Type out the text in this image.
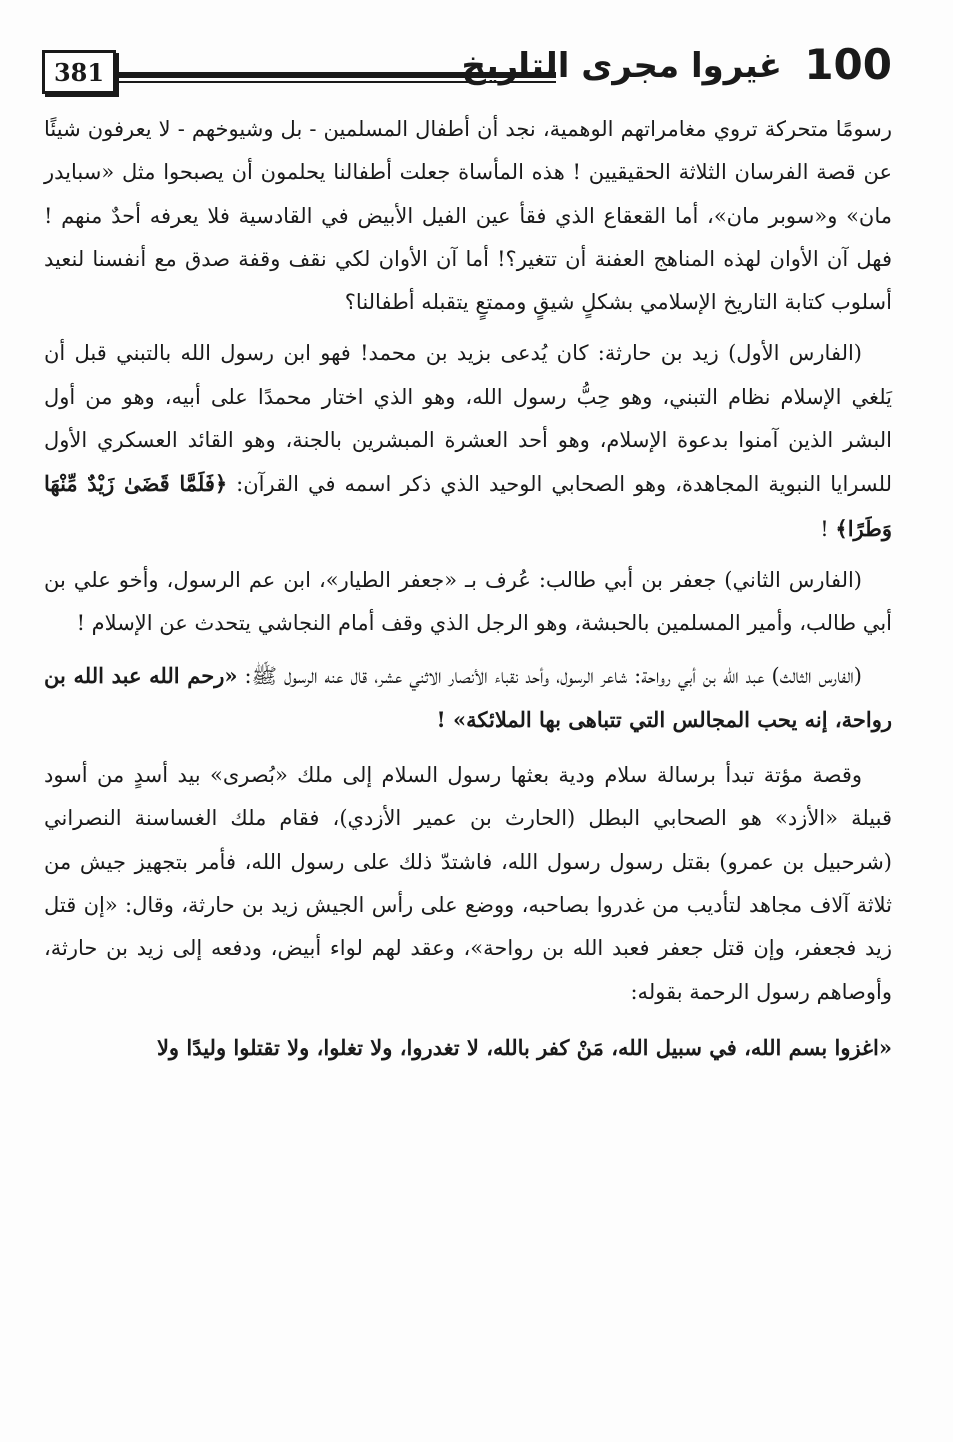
381	غيروا مجرى التاريخ 100

رسومًا متحركة تروي مغامراتهم الوهمية، نجد أن أطفال المسلمين - بل وشيوخهم - لا يعرفون شيئًا عن قصة الفرسان الثلاثة الحقيقيين ! هذه المأساة جعلت أطفالنا يحلمون أن يصبحوا مثل «سبايدر مان» و«سوبر مان»، أما القعقاع الذي فقأ عين الفيل الأبيض في القادسية فلا يعرفه أحدٌ منهم ! فهل آن الأوان لهذه المناهج العفنة أن تتغير؟! أما آن الأوان لكي نقف وقفة صدق مع أنفسنا لنعيد أسلوب كتابة التاريخ الإسلامي بشكلٍ شيقٍ وممتعٍ يتقبله أطفالنا؟

(الفارس الأول) زيد بن حارثة: كان يُدعى بزيد بن محمد! فهو ابن رسول الله بالتبني قبل أن يَلغي الإسلام نظام التبني، وهو حِبُّ رسول الله، وهو الذي اختار محمدًا على أبيه، وهو من أول البشر الذين آمنوا بدعوة الإسلام، وهو أحد العشرة المبشرين بالجنة، وهو القائد العسكري الأول للسرايا النبوية المجاهدة، وهو الصحابي الوحيد الذي ذكر اسمه في القرآن: ﴿فَلَمَّا قَضَىٰ زَيْدٌ مِّنْهَا وَطَرًا﴾ !

(الفارس الثاني) جعفر بن أبي طالب: عُرف بـ «جعفر الطيار»، ابن عم الرسول، وأخو علي بن أبي طالب، وأمير المسلمين بالحبشة، وهو الرجل الذي وقف أمام النجاشي يتحدث عن الإسلام !

(الفارس الثالث) عبد الله بن أبي رواحة: شاعر الرسول، وأحد نقباء الأنصار الاثني عشر، قال عنه الرسول ﷺ: «رحم الله عبد الله بن رواحة، إنه يحب المجالس التي تتباهى بها الملائكة» !

وقصة مؤتة تبدأ برسالة سلام ودية بعثها رسول السلام إلى ملك «بُصرى» بيد أسدٍ من أسود قبيلة «الأزد» هو الصحابي البطل (الحارث بن عمير الأزدي)، فقام ملك الغساسنة النصراني (شرحبيل بن عمرو) بقتل رسول رسول الله، فاشتدّ ذلك على رسول الله، فأمر بتجهيز جيش من ثلاثة آلاف مجاهد لتأديب من غدروا بصاحبه، ووضع على رأس الجيش زيد بن حارثة، وقال: «إن قتل زيد فجعفر، وإن قتل جعفر فعبد الله بن رواحة»، وعقد لهم لواء أبيض، ودفعه إلى زيد بن حارثة، وأوصاهم رسول الرحمة بقوله:

«اغزوا بسم الله، في سبيل الله، مَنْ كفر بالله، لا تغدروا، ولا تغلوا، ولا تقتلوا وليدًا ولا
